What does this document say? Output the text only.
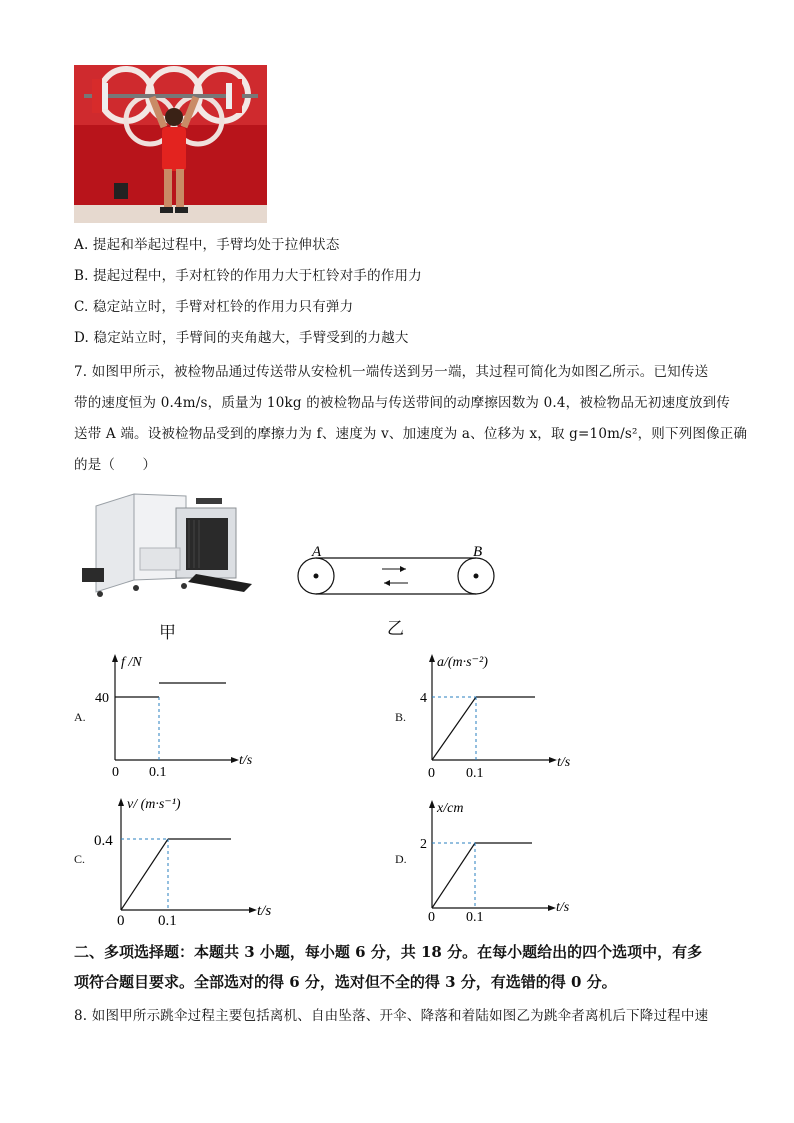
A. 提起和举起过程中，手臂均处于拉伸状态
B. 提起过程中，手对杠铃的作用力大于杠铃对手的作用力
C. 稳定站立时，手臂对杠铃的作用力只有弹力
D. 稳定站立时，手臂间的夹角越大，手臂受到的力越大
7. 如图甲所示，被检物品通过传送带从安检机一端传送到另一端，其过程可简化为如图乙所示。已知传送
带的速度恒为 0.4m/s，质量为 10kg 的被检物品与传送带间的动摩擦因数为 0.4，被检物品无初速度放到传
送带 A 端。设被检物品受到的摩擦力为 f、速度为 v、加速度为 a、位移为 x，取 g=10m/s²，则下列图像正确
的是（　　）
甲
A	B
乙
A.
f /N
40
0 0.1
t/s
B.
a/(m·s⁻²)
4
0 0.1
t/s
C.
v/ (m·s⁻¹)
0.4
0 0.1
t/s
D.
x/cm
2
0 0.1
t/s
二、多项选择题：本题共 3 小题，每小题 6 分，共 18 分。在每小题给出的四个选项中，有多
项符合题目要求。全部选对的得 6 分，选对但不全的得 3 分，有选错的得 0 分。
8. 如图甲所示跳伞过程主要包括离机、自由坠落、开伞、降落和着陆如图乙为跳伞者离机后下降过程中速
